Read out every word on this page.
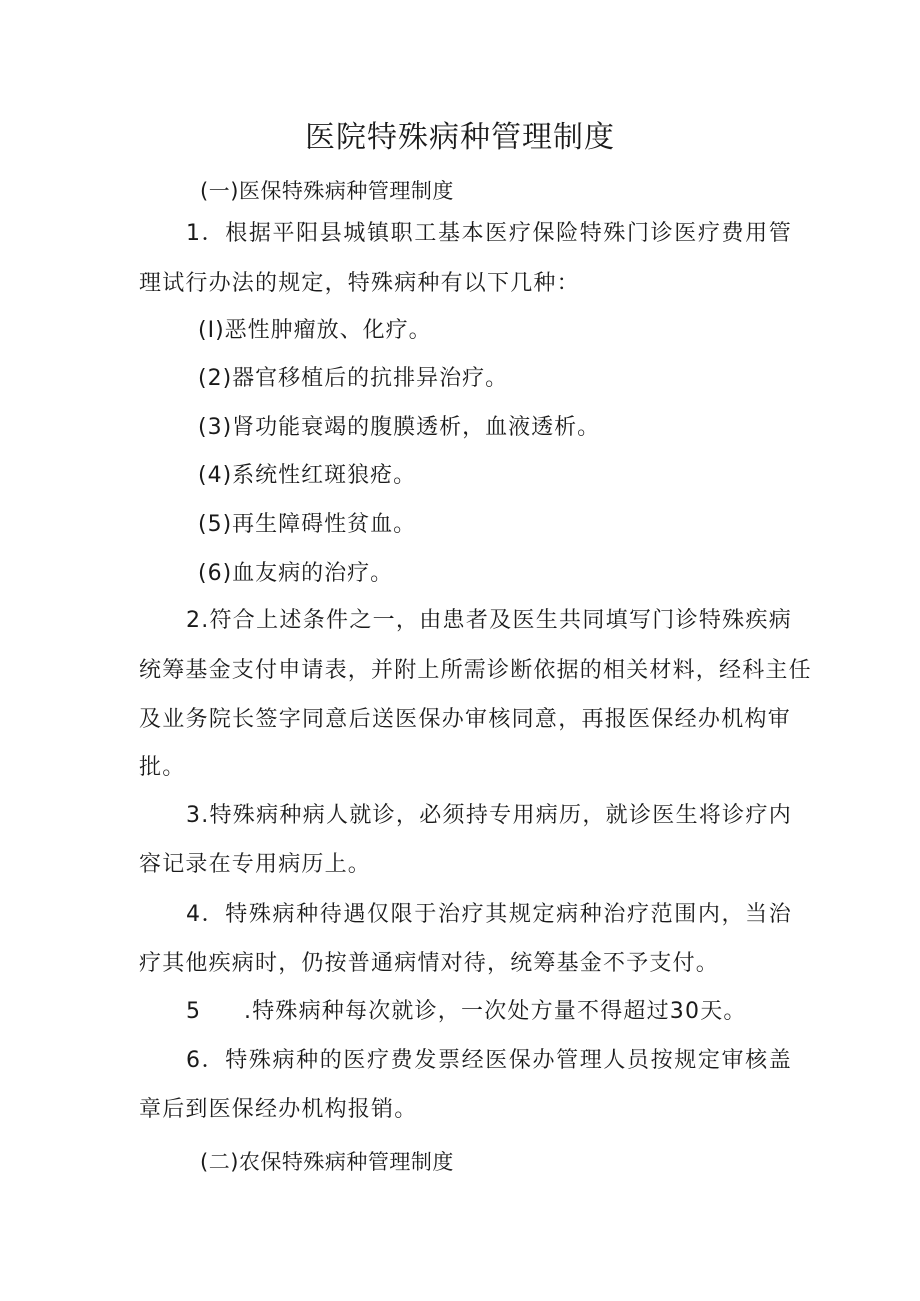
医院特殊病种管理制度
(一)医保特殊病种管理制度
1．根据平阳县城镇职工基本医疗保险特殊门诊医疗费用管
理试行办法的规定，特殊病种有以下几种：
(I)恶性肿瘤放、化疗。
(2)器官移植后的抗排异治疗。
(3)肾功能衰竭的腹膜透析，血液透析。
(4)系统性红斑狼疮。
(5)再生障碍性贫血。
(6)血友病的治疗。
2.符合上述条件之一，由患者及医生共同填写门诊特殊疾病
统筹基金支付申请表，并附上所需诊断依据的相关材料，经科主任
及业务院长签字同意后送医保办审核同意，再报医保经办机构审
批。
3.特殊病种病人就诊，必须持专用病历，就诊医生将诊疗内
容记录在专用病历上。
4．特殊病种待遇仅限于治疗其规定病种治疗范围内，当治
疗其他疾病时，仍按普通病情对待，统筹基金不予支付。
5 .特殊病种每次就诊，一次处方量不得超过30天。
6．特殊病种的医疗费发票经医保办管理人员按规定审核盖
章后到医保经办机构报销。
(二)农保特殊病种管理制度
